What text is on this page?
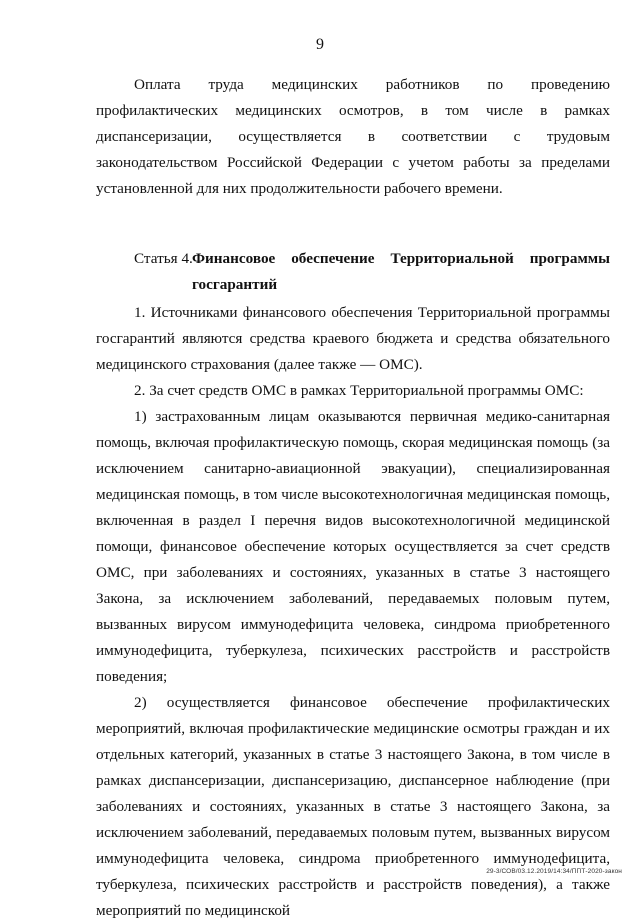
9

Оплата труда медицинских работников по проведению профилактических медицинских осмотров, в том числе в рамках диспансеризации, осуществляется в соответствии с трудовым законодательством Российской Федерации с учетом работы за пределами установленной для них продолжительности рабочего времени.

Статья 4. Финансовое обеспечение Территориальной программы госгарантий

1. Источниками финансового обеспечения Территориальной программы госгарантий являются средства краевого бюджета и средства обязательного медицинского страхования (далее также — ОМС).

2. За счет средств ОМС в рамках Территориальной программы ОМС:

1) застрахованным лицам оказываются первичная медико-санитарная помощь, включая профилактическую помощь, скорая медицинская помощь (за исключением санитарно-авиационной эвакуации), специализированная медицинская помощь, в том числе высокотехнологичная медицинская помощь, включенная в раздел I перечня видов высокотехнологичной медицинской помощи, финансовое обеспечение которых осуществляется за счет средств ОМС, при заболеваниях и состояниях, указанных в статье 3 настоящего Закона, за исключением заболеваний, передаваемых половым путем, вызванных вирусом иммунодефицита человека, синдрома приобретенного иммунодефицита, туберкулеза, психических расстройств и расстройств поведения;

2) осуществляется финансовое обеспечение профилактических мероприятий, включая профилактические медицинские осмотры граждан и их отдельных категорий, указанных в статье 3 настоящего Закона, в том числе в рамках диспансеризации, диспансеризацию, диспансерное наблюдение (при заболеваниях и состояниях, указанных в статье 3 настоящего Закона, за исключением заболеваний, передаваемых половым путем, вызванных вирусом иммунодефицита человека, синдрома приобретенного иммунодефицита, туберкулеза, психических расстройств и расстройств поведения), а также мероприятий по медицинской

29-3/СОВ/03.12.2019/14:34/ППТ-2020-закон
